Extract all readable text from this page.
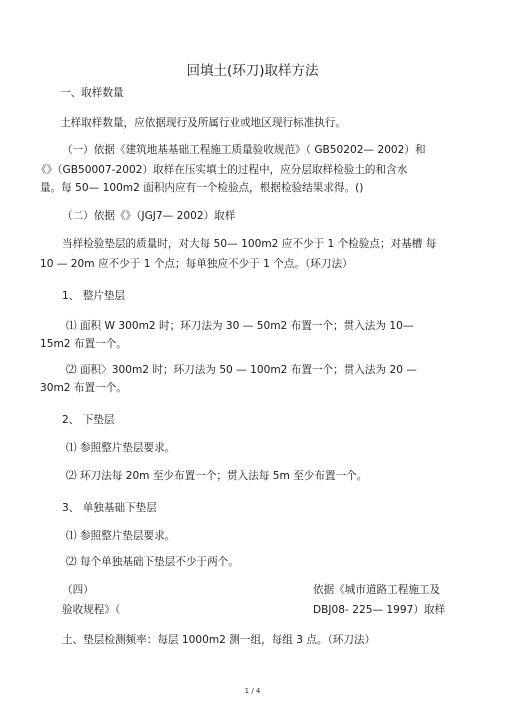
回填土(环刀)取样方法
一、取样数量
土样取样数量，应依据现行及所属行业或地区现行标准执行。
（一）依据《建筑地基基础工程施工质量验收规范》（ GB50202— 2002）和
《》（GB50007-2002）取样在压实填土的过程中，应分层取样检验土的和含水
量。每 50— 100m2 面积内应有一个检验点，根据检验结果求得。()
（二）依据《》（JGJ7— 2002）取样
当样检验垫层的质量时，对大每 50— 100m2 应不少于 1 个检验点；对基槽 每
10 — 20m 应不少于 1 个点；每单独应不少于 1 个点。（环刀法）
1、 整片垫层
⑴ 面积 W 300m2 时；环刀法为 30 — 50m2 布置一个；贯入法为 10—
15m2 布置一个。
⑵ 面积〉300m2 时；环刀法为 50 — 100m2 布置一个；贯入法为 20 —
30m2 布置一个。
2、 下垫层
⑴ 参照整片垫层要求。
⑵ 环刀法每 20m 至少布置一个；贯入法每 5m 至少布置一个。
3、 单独基础下垫层
⑴ 参照整片垫层要求。
⑵ 每个单独基础下垫层不少于两个。
（四）	依据《城市道路工程施工及
验收规程》（	DBJ08- 225— 1997）取样
土、垫层检测频率：每层 1000m2 测一组，每组 3 点。（环刀法）
1 / 4
